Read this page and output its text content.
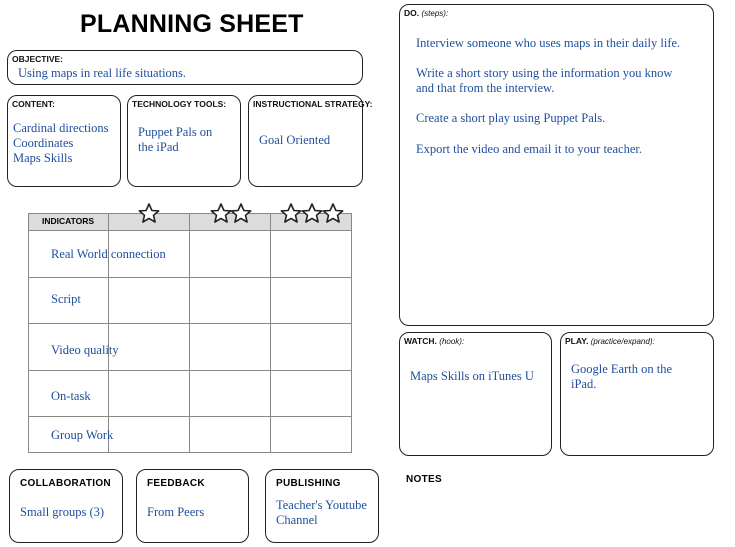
PLANNING SHEET
OBJECTIVE:
Using maps in real life situations.
CONTENT:
Cardinal directions
Coordinates
Maps Skills
TECHNOLOGY TOOLS:
Puppet Pals on
the iPad
INSTRUCTIONAL STRATEGY:
Goal Oriented
INDICATORS
Real World connection
Script
Video quality
On-task
Group Work
DO. (steps):
Interview someone who uses maps in their daily life.
Write a short story using the information you know
and that from the interview.
Create a short play using Puppet Pals.
Export the video and email it to your teacher.
WATCH. (hook):
Maps Skills on iTunes U
PLAY. (practice/expand):
Google Earth on the
iPad.
COLLABORATION
Small groups (3)
FEEDBACK
From Peers
PUBLISHING
Teacher's Youtube
Channel
NOTES
